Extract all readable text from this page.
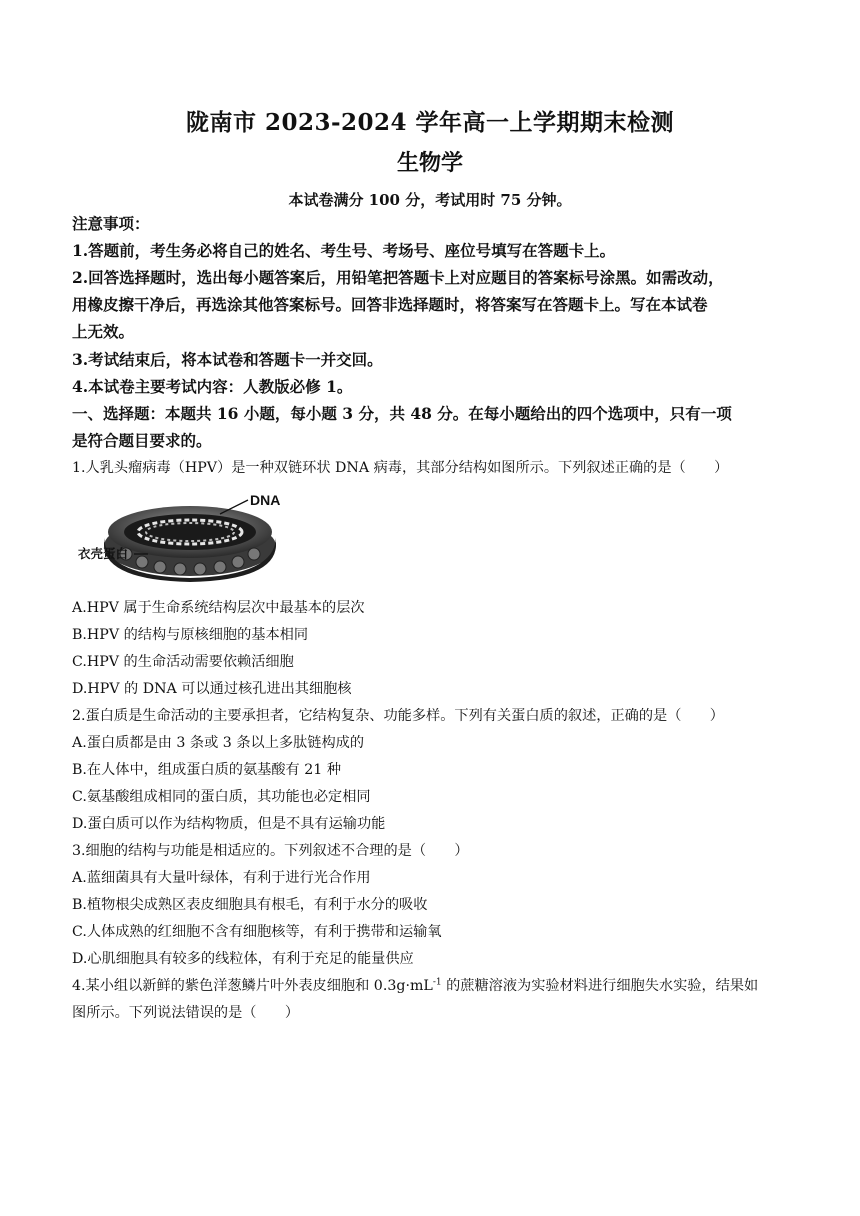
陇南市 2023-2024 学年高一上学期期末检测
生物学
本试卷满分 100 分，考试用时 75 分钟。
注意事项：
1.答题前，考生务必将自己的姓名、考生号、考场号、座位号填写在答题卡上。
2.回答选择题时，选出每小题答案后，用铅笔把答题卡上对应题目的答案标号涂黑。如需改动，
用橡皮擦干净后，再选涂其他答案标号。回答非选择题时，将答案写在答题卡上。写在本试卷
上无效。
3.考试结束后，将本试卷和答题卡一并交回。
4.本试卷主要考试内容：人教版必修 1。
一、选择题：本题共 16 小题，每小题 3 分，共 48 分。在每小题给出的四个选项中，只有一项
是符合题目要求的。
1.人乳头瘤病毒（HPV）是一种双链环状 DNA 病毒，其部分结构如图所示。下列叙述正确的是（　　）
DNA
衣壳蛋白
A.HPV 属于生命系统结构层次中最基本的层次
B.HPV 的结构与原核细胞的基本相同
C.HPV 的生命活动需要依赖活细胞
D.HPV 的 DNA 可以通过核孔进出其细胞核
2.蛋白质是生命活动的主要承担者，它结构复杂、功能多样。下列有关蛋白质的叙述，正确的是（　　）
A.蛋白质都是由 3 条或 3 条以上多肽链构成的
B.在人体中，组成蛋白质的氨基酸有 21 种
C.氨基酸组成相同的蛋白质，其功能也必定相同
D.蛋白质可以作为结构物质，但是不具有运输功能
3.细胞的结构与功能是相适应的。下列叙述不合理的是（　　）
A.蓝细菌具有大量叶绿体，有利于进行光合作用
B.植物根尖成熟区表皮细胞具有根毛，有利于水分的吸收
C.人体成熟的红细胞不含有细胞核等，有利于携带和运输氧
D.心肌细胞具有较多的线粒体，有利于充足的能量供应
4.某小组以新鲜的紫色洋葱鳞片叶外表皮细胞和 $0.3g\cdot mL^{-1}$ 的蔗糖溶液为实验材料进行细胞失水实验，结果如
图所示。下列说法错误的是（　　）
